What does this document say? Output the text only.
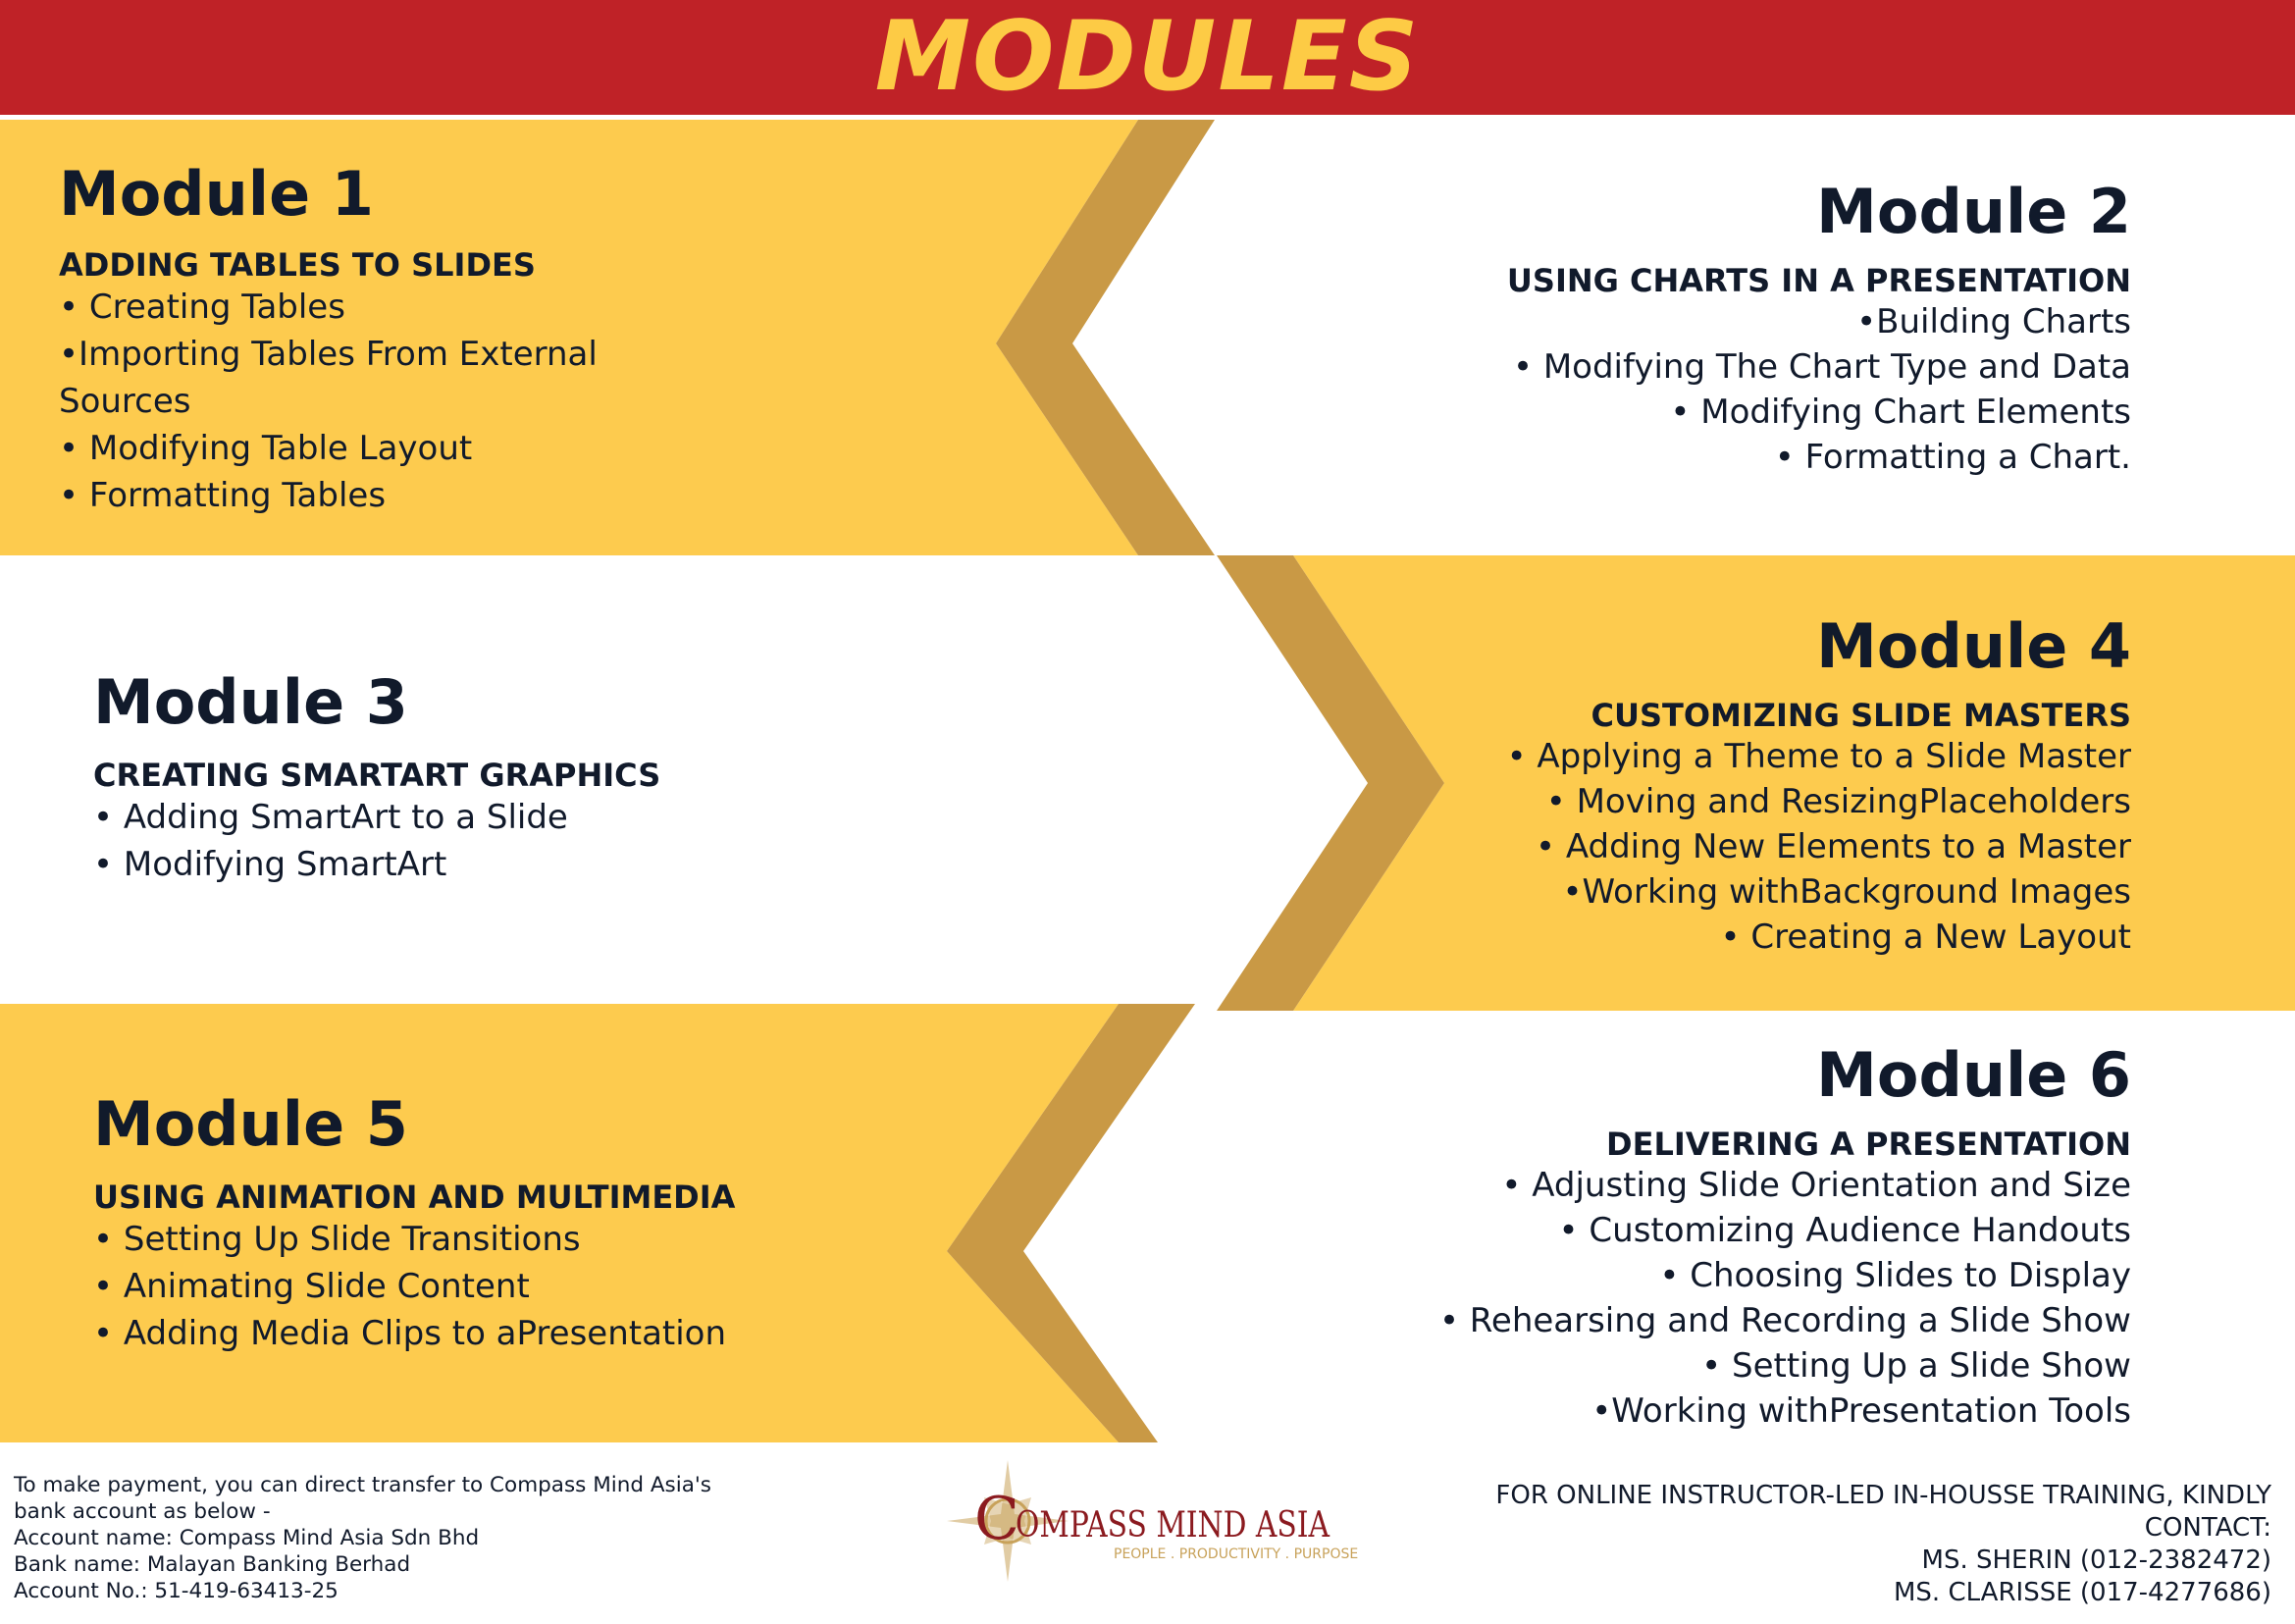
MODULES
Module 1
ADDING TABLES TO SLIDES
• Creating Tables
•Importing Tables From External Sources
• Modifying Table Layout
• Formatting Tables
Module 2
USING CHARTS IN A PRESENTATION
•Building Charts
• Modifying The Chart Type and Data
• Modifying Chart Elements
• Formatting a Chart.
Module 3
CREATING SMARTART GRAPHICS
• Adding SmartArt to a Slide
• Modifying SmartArt
Module 4
CUSTOMIZING SLIDE MASTERS
• Applying a Theme to a Slide Master
• Moving and ResizingPlaceholders
• Adding New Elements to a Master
•Working withBackground Images
• Creating a New Layout
Module 5
USING ANIMATION AND MULTIMEDIA
• Setting Up Slide Transitions
• Animating Slide Content
• Adding Media Clips to aPresentation
Module 6
DELIVERING A PRESENTATION
• Adjusting Slide Orientation and Size
• Customizing Audience Handouts
• Choosing Slides to Display
• Rehearsing and Recording a Slide Show
• Setting Up a Slide Show
•Working withPresentation Tools
To make payment, you can direct transfer to Compass Mind Asia's
bank account as below -
Account name: Compass Mind Asia Sdn Bhd
Bank name: Malayan Banking Berhad
Account No.: 51-419-63413-25
C
OMPASS MIND ASIA
PEOPLE . PRODUCTIVITY . PURPOSE
FOR ONLINE INSTRUCTOR-LED IN-HOUSSE TRAINING, KINDLY
CONTACT:
MS. SHERIN (012-2382472)
MS. CLARISSE (017-4277686)
